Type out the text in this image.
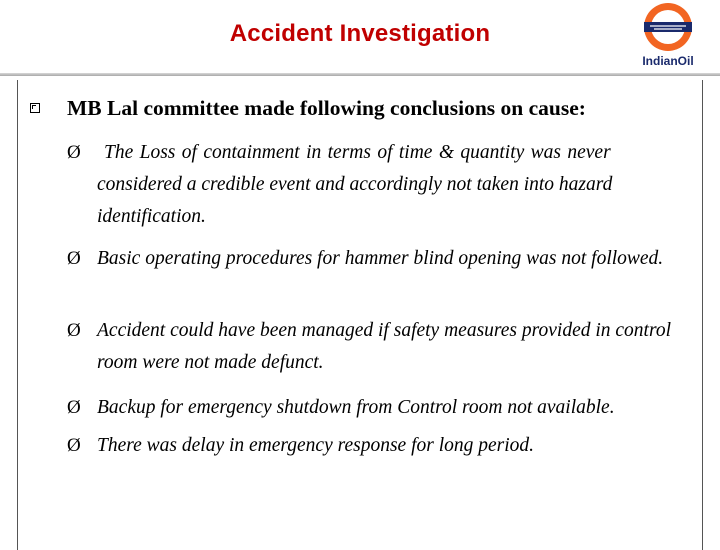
Accident Investigation
IndianOil
MB Lal committee made following conclusions on cause:
Ø	The Loss of containment in terms of time & quantity was never
considered a credible event and accordingly not taken into hazard identification.
Ø Basic operating procedures for hammer blind opening was not followed.
Ø Accident could have been managed if safety measures provided in control room were not made defunct.
Ø Backup for emergency shutdown from Control room not available.
Ø There was delay in emergency response for long period.
